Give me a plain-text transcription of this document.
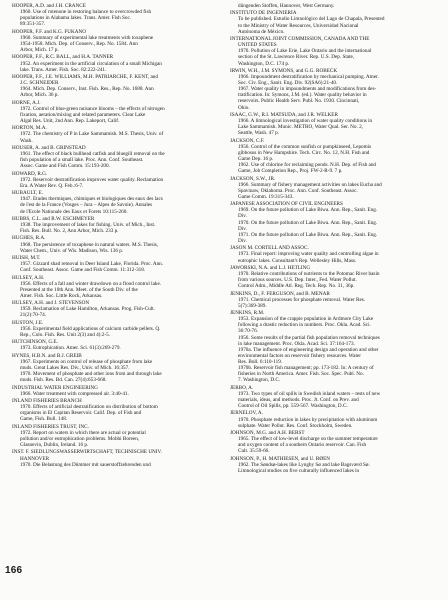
HOOPER, A.D. and J.H. CRANCE
1960. Use of rotenone in restoring balance to overcrowded fish
populations in Alabama lakes. Trans. Amer. Fish Soc.
89:351-357.
HOOPER, F.F. and K.G. FUKANO
1960. Summary of experimental lake treatments with toxaphene
1954-1958. Mich. Dep. of Conserv., Rep. No. 1584. Ann
Arbor, Mich. 17 p.
HOOPER, F.F., R.C. BALL, and H.A. TANNER
1952. An experiment in the artificial circulation of a small Michigan
lake. Trans. Amer. Fish. Soc. 82:222-241.
HOOPER, F.F., J.E. WILLIAMS, M.H. PATRIARCHE, F. KENT, and
J.C. SCHNEIDER
1964. Mich. Dep. Conserv., Inst. Fish. Res., Rep. No. 1688. Ann
Arbor, Mich. 36 p.
HORNE, A.J.
1972. Control of blue-green nuisance blooms – the effects of nitrogen
fixation, aeration/mixing and related parameters. Clear Lake
Algal Res. Unit, 2nd Ann. Rep. Lakeport, Calif.
HORTON, M.A.
1972. The chemistry of P in Lake Sammamish. M.S. Thesis, Univ. of
Wash.
HOUSER, A. and B. GRINSTEAD
1961. The effect of black bullhead catfish and bluegill removal on the
fish population of a small lake. Proc. Ann. Conf. Southeast.
Assoc. Game and Fish Comm. 15:193-200.
HOWARD, R.G.
1972. Reservoir destratification improves water quality. Reclamation
Era. A Water Rev. Q. Feb.:6-7.
HUBAULT, E.
1947. Études thermiques, chimiques et biologiques des eaux des lacs
de l'est de la France (Vosges – Jura – Alpes de Savoie). Annales
de l'École Nationale des Eaux et Forets 10:115-260.
HUBBS, C.L. and R.W. ESCHMEYER
1938. The improvement of lakes for fishing. Univ. of Mich., Inst.
Fish. Res. Bull. No. 2, Ann Arbor, Mich. 233 p.
HUGHES, R.A.
1968. The persistence of toxaphene in natural waters. M.S. Thesis,
Water Chem., Univ. of Wis. Madison, Wis. 136 p.
HUISH, M.T.
1957. Gizzard shad removal in Deer Island Lake, Florida. Proc. Ann.
Conf. Southeast. Assoc. Game and Fish Comm. 11:312-318.
HULSEY, A.H.
1956. Effects of a fall and winter drawdown on a flood control lake.
Presented at the 10th Ann. Meet. of the South Div. of the
Amer. Fish. Soc. Little Rock, Arkansas.
HULSEY, A.H. and J. STEVENSON
1959. Reclamation of Lake Hamilton, Arkansas. Prog. Fish-Cult.
21(2):70-74.
HUSTON, J.E.
1956. Experimental field applications of calcium carbide pellets. Q.
Rep., Colo. Fish. Res. Unit 2(3) and 4):2-5.
HUTCHINSON, G.E.
1973. Eutrophication. Amer. Sci. 61(3):269-279.
HYNES, H.B.N. and B.J. GREIB
1967. Experiments on control of release of phosphate from lake
muds. Great Lakes Res. Div., Univ. of Mich. 16:357.
1970. Movement of phosphate and other ions from and through lake
muds. Fish. Res. Bd. Can. 27(4):653-668.
INDUSTRIAL WATER ENGINEERING
1966. Water treatment with compressed air. 3:40-41.
INLAND FISHERIES BRANCH
1970. Effects of artificial destratification on distribution of bottom
organisms in El Capitan Reservoir. Calif. Dep. of Fish and
Game, Fish. Bull. 148.
INLAND FISHERIES TRUST, INC.
1972. Report on waters in which there are actual or potential
pollution and/or eutrophication problems. Mobhi Boreen,
Glasnevin, Dublin, Ireland. 16 p.
INST. F. SIEDLUNGSWASSERWIRTSCHAFT, TECHNISCHE UNIV.
HANNOVER
1970. Die Belastung des Dümmer mit sauerstoffzehrenden und
düngenden Stoffen, Hannover, West Germany.
INSTITUTO DE INGENIERÍA
To be published. Estudio Limnológico del Lago de Chapala, Presented
to the Ministry of Water Resources, Universidad Nacional
Autónoma de México.
INTERNATIONAL JOINT COMMISSION, CANADA AND THE
UNITED STATES
1970. Pollution of Lake Erie, Lake Ontario and the international
section of the St. Lawrence River. Rep. U.S. Dep. State,
Washington, D.C. 174 p.
IRWIN, W.H., J.M. SYMONS, and G.G. ROBECK
1966. Impoundment destratification by mechanical pumping. Amer.
Soc. Civ. Eng., Sanit. Eng. Div. 92(SA6):21-40.
1967. Water quality in impoundments and modifications from des-
tratification. In: Symons, J.M. (ed.). Water quality behavior in
reservoirs. Public Health Serv. Publ. No. 1930. Cincinnati,
Ohio.
ISAAC, G.W., R.I. MATSUDA, and J.R. WELKER
1966. A limnological investigation of water quality conditions in
Lake Sammamish. Munic. METRO, Water Qual. Ser. No. 2,
Seattle, Wash. 47 p.
JACKSON, C.F.
1956. Control of the common sunfish or pumpkinseed, Lepomis
gibbosus in New Hampshire. Tech. Circ. No. 12, N.H. Fish and
Game Dep. 16 p.
1962. Use of chlorine for reclaiming ponds. N.H. Dep. of Fish and
Game, Job Completion Rep., Proj. FW-2-R-9. 7 p.
JACKSON, S.W., JR.
1966. Summary of fishery management activities on lakes Eucha and
Spavinaw, Oklahoma. Proc. Ann. Conf. Southeast. Assoc.
Game Comm. 19:315-343.
JAPANESE ASSOCIATION OF CIVIL ENGINEERS
1969. On the future pollution of Lake Biwa. Ann. Rep., Sanit. Eng.
Div.
1970. On the future pollution of Lake Biwa. Ann. Rep., Sanit. Eng.
Div.
1971. On the future pollution of Lake Biwa. Ann. Rep., Sanit. Eng.
Div.
JASON M. CORTELL AND ASSOC.
1973. Final report: improving water quality and controlling algae in
eutrophic lakes. Consultant's Rep. Wellesley Hills, Mass.
JAWORSKI, N.A. and L.J. HETLING
1970. Relative contributions of nutrients to the Potomac River basin
from various sources. U.S. Dep. Inter., Fed. Water Pollut.
Control Adm., Middle Atl. Reg. Tech. Rep. No. 31, 36p.
JENKINS, D., F. FERGUSON, and B. MENAR
1971. Chemical processes for phosphate removal. Water Res.
5(7):369-389.
JENKINS, R.M.
1953. Expansion of the crappie population in Ardmore City Lake
following a drastic reduction in numbers. Proc. Okla. Acad. Sci.
36:70-76.
1956. Some results of the partial fish population removal techniques
in lake management. Proc. Okla. Acad. Sci. 37:164-173.
1970a. The influence of engineering design and operation and other
environmental factors on reservoir fishery resources. Water
Res. Bull. 6:110-119.
1970b. Reservoir fish management; pp. 173-182. In: A century of
fisheries in North America. Amer. Fish. Soc. Spec. Publ. No.
7. Washington, D.C.
JERBO, A.
1973. Two types of oil spills in Swedish inland waters – tests of new
materials, ideas, and methods. Proc. Jt. Conf. on Prev. and
Control of Oil Spills, pp. 559-567. Washington, D.C.
JERNELÖV, A.
1970. Phosphate reduction in lakes by precipitation with aluminum
sulphate. Water Pollut. Res. Conf. Stockholm, Sweden.
JOHNSON, M.G. and A.H. BERST
1965. The effect of low-level discharge on the summer temperature
and oxygen content of a southern Ontario reservoir. Can. Fish
Cult. 35:59-66.
JOHNSON, P., H. MATHIESEN, and U. RØEN
1962. The Søndsø-lakes like Lyngby Sø and lake Bagsværd Sø.
Limnological studies on five culturally influenced lakes in
166
